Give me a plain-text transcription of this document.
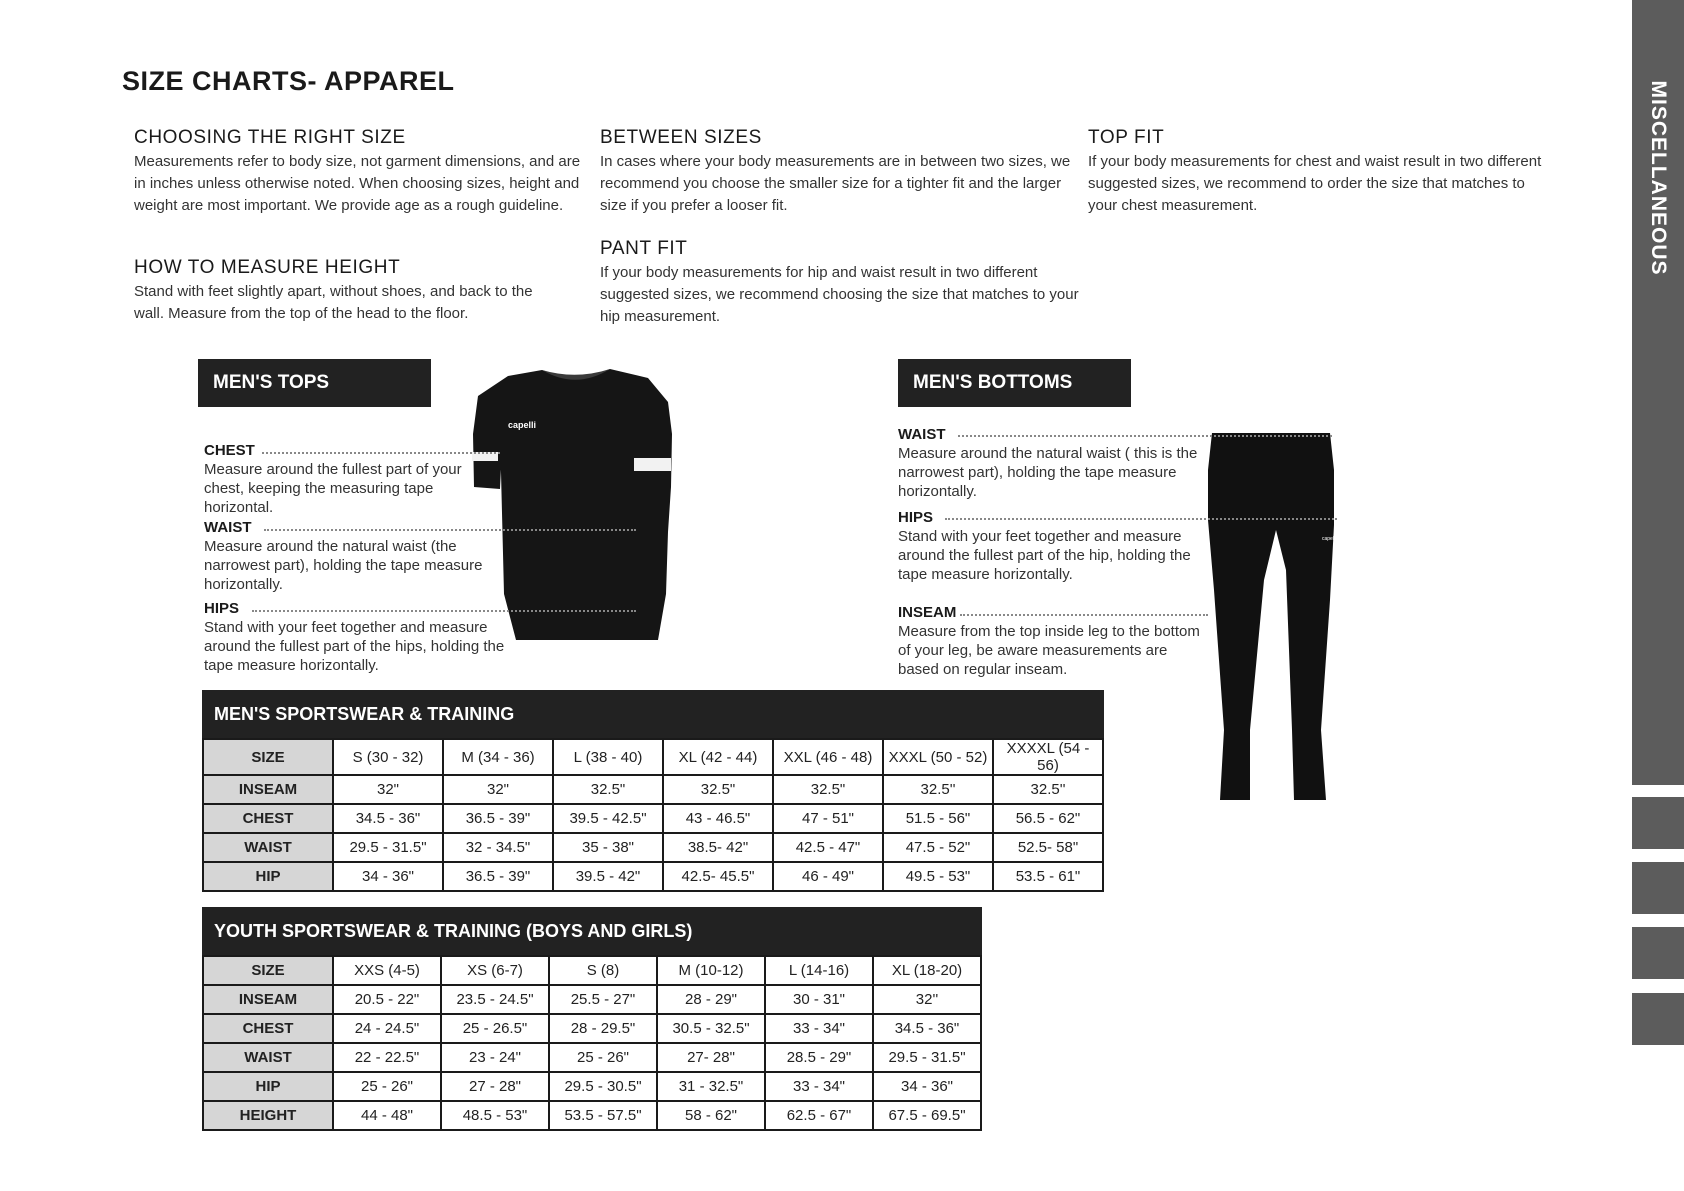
SIZE CHARTS- APPAREL	MISCELLANEOUS
CHOOSING THE RIGHT SIZE

Measurements refer to body size, not garment dimensions, and are in inches unless otherwise noted. When choosing sizes, height and weight are most important. We provide age as a rough guideline.

HOW TO MEASURE HEIGHT

Stand with feet slightly apart, without shoes, and back to the wall. Measure from the top of the head to the floor.

BETWEEN SIZES

In cases where your body measurements are in between two sizes, we recommend you choose the smaller size for a tighter fit and the larger size if you prefer a looser fit.

PANT FIT

If your body measurements for hip and waist result in two different suggested sizes, we recommend choosing the size that matches to your hip measurement.

TOP FIT

If your body measurements for chest and waist result in two different suggested sizes, we recommend to order the size that matches to your chest measurement.

MEN'S TOPS
capelli
CHEST
Measure around the fullest part of your chest, keeping the measuring tape horizontal.
WAIST
Measure around the natural waist (the narrowest part), holding the tape measure horizontally.
HIPS
Stand with your feet together and measure around the fullest part of the hips, holding the tape measure horizontally.
MEN'S BOTTOMS
capelli
WAIST
Measure around the natural waist ( this is the narrowest part), holding the tape measure horizontally.
HIPS
Stand with your feet together and measure around the fullest part of the hip, holding the tape measure horizontally.
INSEAM
Measure from the top inside leg to the bottom of your leg, be aware measurements are based on regular inseam.
MEN'S SPORTSWEAR & TRAINING
SIZE	S (30 - 32)	M (34 - 36)	L (38 - 40)	XL (42 - 44)	XXL (46 - 48)	XXXL (50 - 52)	XXXXL (54 - 56)
INSEAM	32"	32"	32.5"	32.5"	32.5"	32.5''	32.5''
CHEST	34.5 - 36"	36.5 - 39"	39.5 - 42.5"	43 - 46.5"	47 - 51"	51.5 - 56"	56.5 - 62"
WAIST	29.5 - 31.5"	32 - 34.5"	35 - 38"	38.5- 42"	42.5 - 47"	47.5 - 52"	52.5- 58"
HIP	34 - 36"	36.5 - 39"	39.5 - 42"	42.5- 45.5"	46 - 49"	49.5 - 53"	53.5 - 61"
YOUTH SPORTSWEAR & TRAINING (BOYS AND GIRLS)
SIZE	XXS (4-5)	XS (6-7)	S (8)	M (10-12)	L (14-16)	XL (18-20)
INSEAM	20.5 - 22"	23.5 - 24.5"	25.5 - 27"	28 - 29"	30 - 31"	32''
CHEST	24 - 24.5"	25 - 26.5"	28 - 29.5"	30.5 - 32.5"	33 - 34"	34.5 - 36"
WAIST	22 - 22.5"	23 - 24"	25 - 26"	27- 28"	28.5 - 29"	29.5 - 31.5"
HIP	25 - 26"	27 - 28"	29.5 - 30.5"	31 - 32.5"	33 - 34"	34 - 36"
HEIGHT	44 - 48"	48.5 - 53"	53.5 - 57.5"	58 - 62"	62.5 - 67"	67.5 - 69.5"
